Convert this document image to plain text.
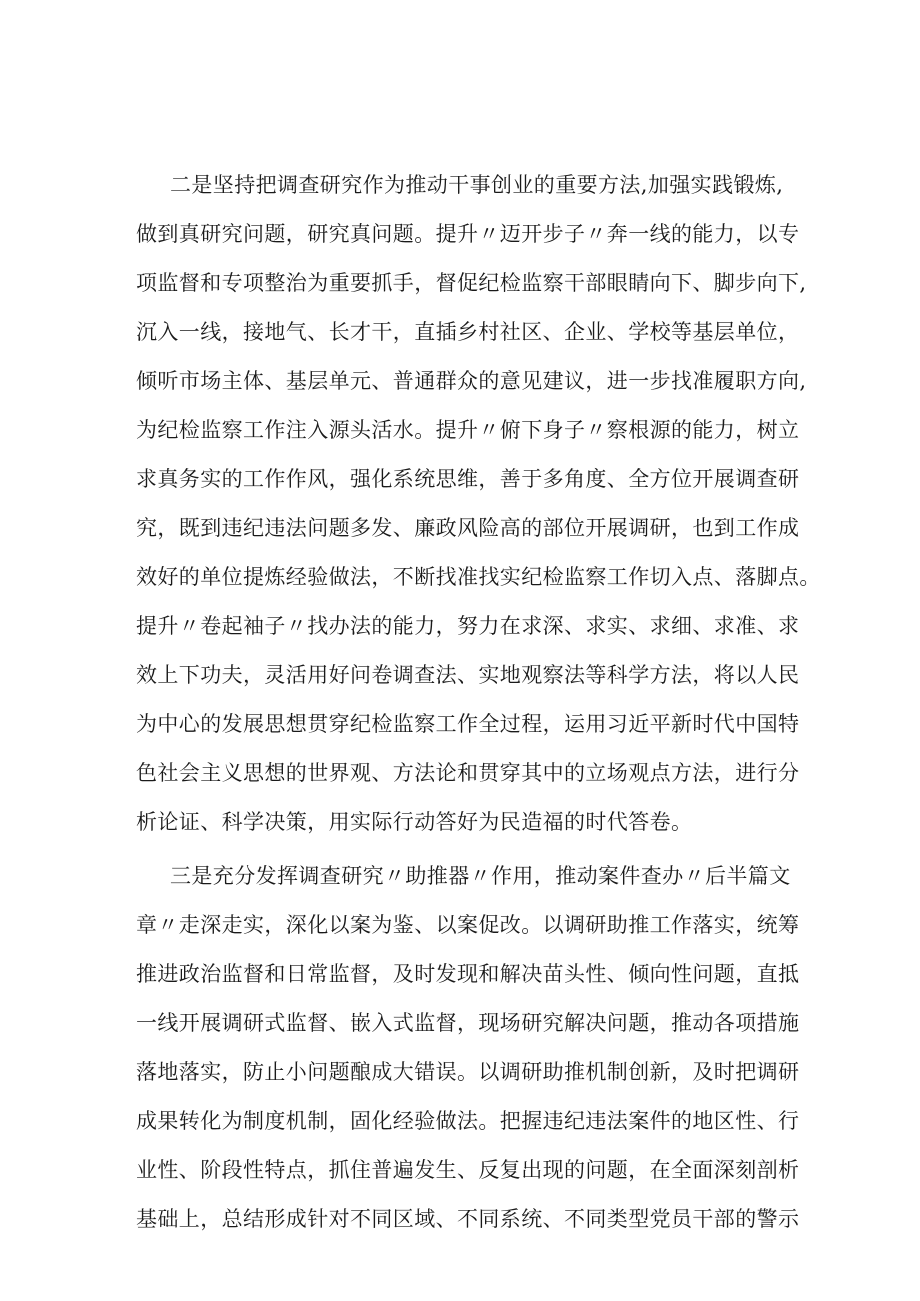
二是坚持把调查研究作为推动干事创业的重要方法,加强实践锻炼,
做到真研究问题，研究真问题。提升〃迈开步子〃奔一线的能力，以专
项监督和专项整治为重要抓手，督促纪检监察干部眼睛向下、脚步向下,
沉入一线，接地气、长才干，直插乡村社区、企业、学校等基层单位，
倾听市场主体、基层单元、普通群众的意见建议，进一步找准履职方向,
为纪检监察工作注入源头活水。提升〃俯下身子〃察根源的能力，树立
求真务实的工作作风，强化系统思维，善于多角度、全方位开展调查研
究，既到违纪违法问题多发、廉政风险高的部位开展调研，也到工作成
效好的单位提炼经验做法，不断找准找实纪检监察工作切入点、落脚点。
提升〃卷起袖子〃找办法的能力，努力在求深、求实、求细、求准、求
效上下功夫，灵活用好问卷调查法、实地观察法等科学方法，将以人民
为中心的发展思想贯穿纪检监察工作全过程，运用习近平新时代中国特
色社会主义思想的世界观、方法论和贯穿其中的立场观点方法，进行分
析论证、科学决策，用实际行动答好为民造福的时代答卷。
三是充分发挥调查研究〃助推器〃作用，推动案件查办〃后半篇文
章〃走深走实，深化以案为鉴、以案促改。以调研助推工作落实，统筹
推进政治监督和日常监督，及时发现和解决苗头性、倾向性问题，直抵
一线开展调研式监督、嵌入式监督，现场研究解决问题，推动各项措施
落地落实，防止小问题酿成大错误。以调研助推机制创新，及时把调研
成果转化为制度机制，固化经验做法。把握违纪违法案件的地区性、行
业性、阶段性特点，抓住普遍发生、反复出现的问题，在全面深刻剖析
基础上，总结形成针对不同区域、不同系统、不同类型党员干部的警示
